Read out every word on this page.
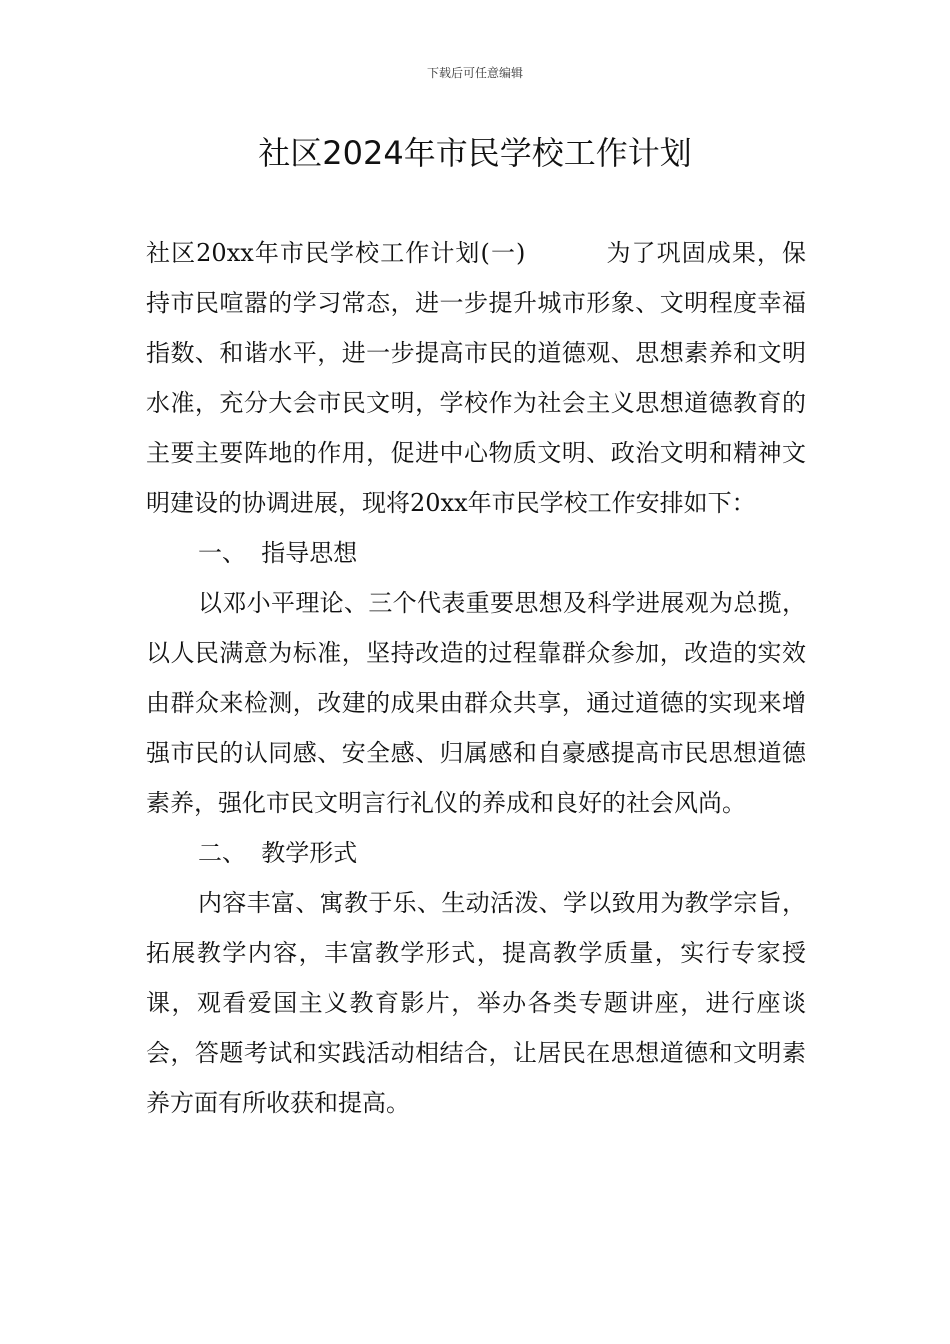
下载后可任意编辑
社区2024年市民学校工作计划

社区20xx年市民学校工作计划(一)	为了巩固成果，保持市民喧嚣的学习常态，进一步提升城市形象、文明程度幸福指数、和谐水平，进一步提高市民的道德观、思想素养和文明水准，充分大会市民文明，学校作为社会主义思想道德教育的主要主要阵地的作用，促进中心物质文明、政治文明和精神文明建设的协调进展，现将20xx年市民学校工作安排如下：

一、 指导思想

以邓小平理论、三个代表重要思想及科学进展观为总揽，以人民满意为标准，坚持改造的过程靠群众参加，改造的实效由群众来检测，改建的成果由群众共享，通过道德的实现来增强市民的认同感、安全感、归属感和自豪感提高市民思想道德素养，强化市民文明言行礼仪的养成和良好的社会风尚。

二、 教学形式

内容丰富、寓教于乐、生动活泼、学以致用为教学宗旨，拓展教学内容，丰富教学形式，提高教学质量，实行专家授课，观看爱国主义教育影片，举办各类专题讲座，进行座谈会，答题考试和实践活动相结合，让居民在思想道德和文明素养方面有所收获和提高。
